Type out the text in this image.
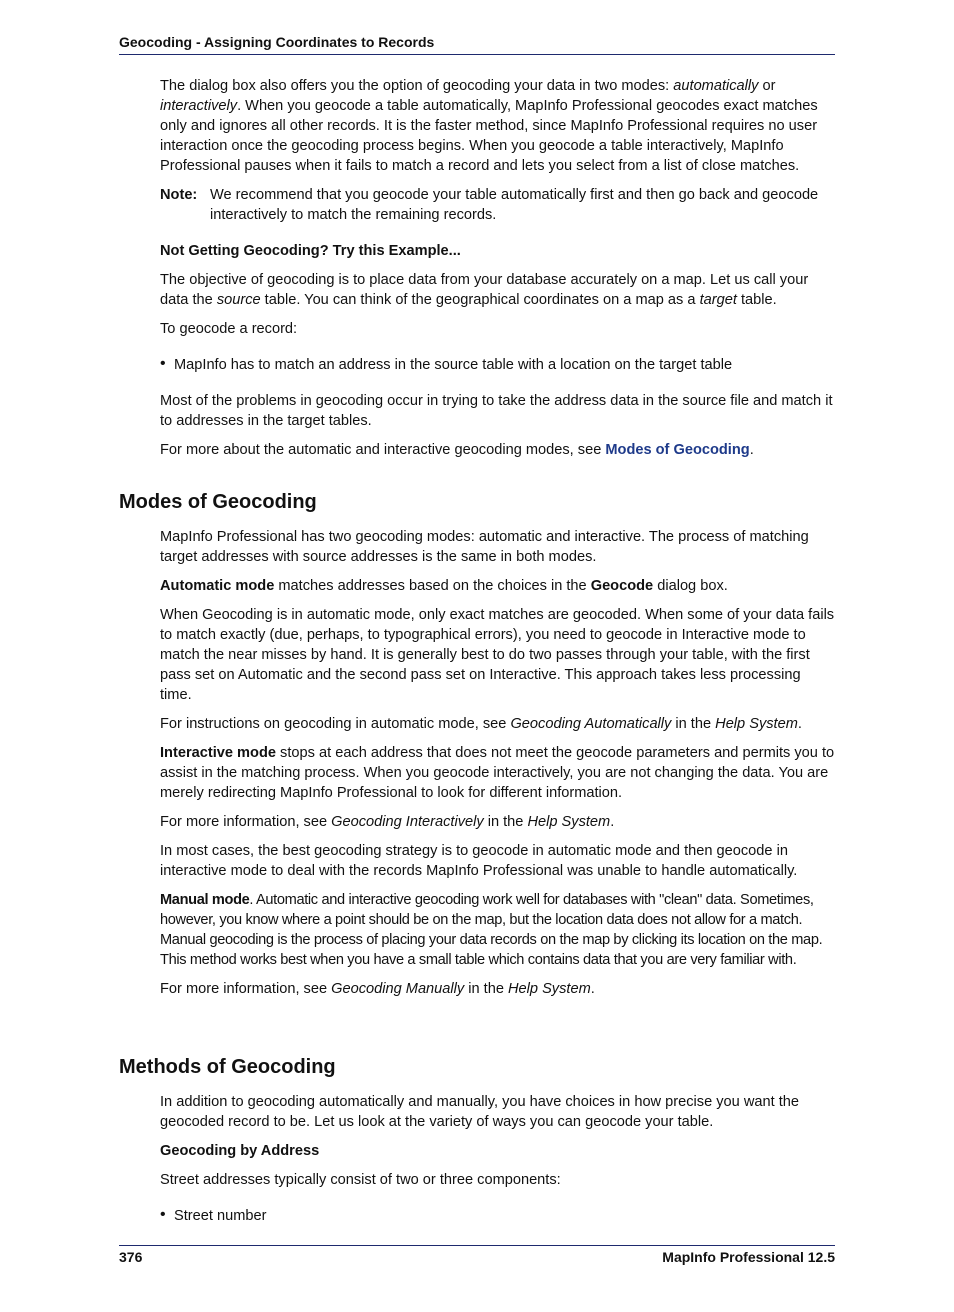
Geocoding - Assigning Coordinates to Records

The dialog box also offers you the option of geocoding your data in two modes: automatically or interactively. When you geocode a table automatically, MapInfo Professional geocodes exact matches only and ignores all other records. It is the faster method, since MapInfo Professional requires no user interaction once the geocoding process begins. When you geocode a table interactively, MapInfo Professional pauses when it fails to match a record and lets you select from a list of close matches.

Note: We recommend that you geocode your table automatically first and then go back and geocode interactively to match the remaining records.

Not Getting Geocoding? Try this Example...

The objective of geocoding is to place data from your database accurately on a map. Let us call your data the source table. You can think of the geographical coordinates on a map as a target table.

To geocode a record:

• MapInfo has to match an address in the source table with a location on the target table

Most of the problems in geocoding occur in trying to take the address data in the source file and match it to addresses in the target tables.

For more about the automatic and interactive geocoding modes, see Modes of Geocoding.

Modes of Geocoding

MapInfo Professional has two geocoding modes: automatic and interactive. The process of matching target addresses with source addresses is the same in both modes.

Automatic mode matches addresses based on the choices in the Geocode dialog box.

When Geocoding is in automatic mode, only exact matches are geocoded. When some of your data fails to match exactly (due, perhaps, to typographical errors), you need to geocode in Interactive mode to match the near misses by hand. It is generally best to do two passes through your table, with the first pass set on Automatic and the second pass set on Interactive. This approach takes less processing time.

For instructions on geocoding in automatic mode, see Geocoding Automatically in the Help System.

Interactive mode stops at each address that does not meet the geocode parameters and permits you to assist in the matching process. When you geocode interactively, you are not changing the data. You are merely redirecting MapInfo Professional to look for different information.

For more information, see Geocoding Interactively in the Help System.

In most cases, the best geocoding strategy is to geocode in automatic mode and then geocode in interactive mode to deal with the records MapInfo Professional was unable to handle automatically.

Manual mode. Automatic and interactive geocoding work well for databases with "clean" data. Sometimes, however, you know where a point should be on the map, but the location data does not allow for a match. Manual geocoding is the process of placing your data records on the map by clicking its location on the map. This method works best when you have a small table which contains data that you are very familiar with.

For more information, see Geocoding Manually in the Help System.

Methods of Geocoding

In addition to geocoding automatically and manually, you have choices in how precise you want the geocoded record to be. Let us look at the variety of ways you can geocode your table.

Geocoding by Address

Street addresses typically consist of two or three components:

• Street number

376	MapInfo Professional 12.5
